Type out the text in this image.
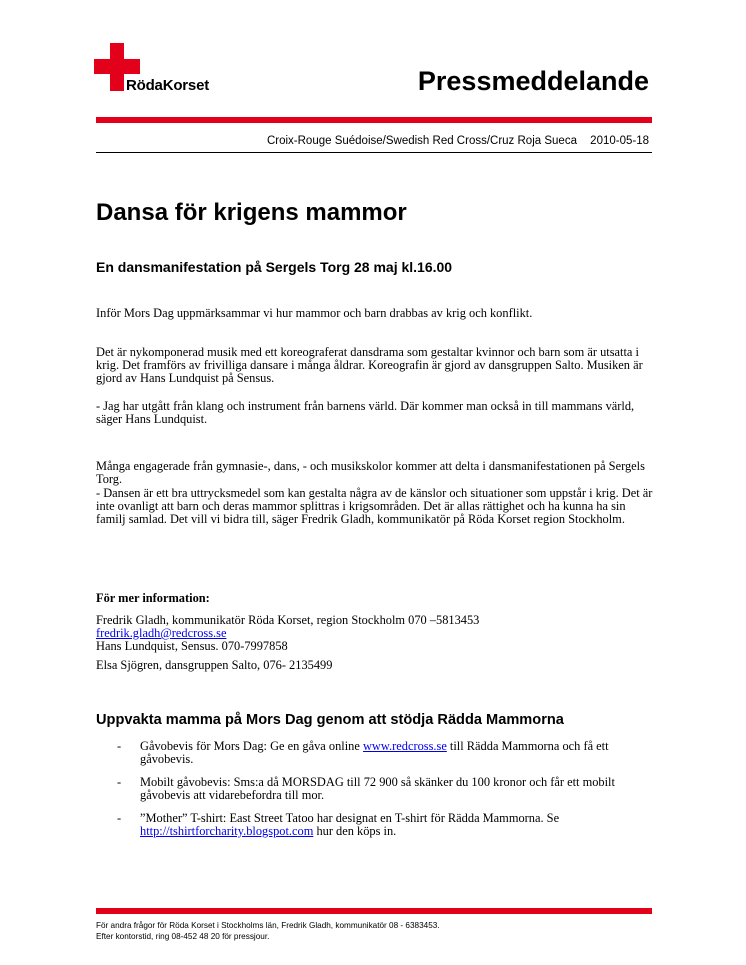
RödaKorset	Pressmeddelande
Croix-Rouge Suédoise/Swedish Red Cross/Cruz Roja Sueca 2010-05-18
Dansa för krigens mammor
En dansmanifestation på Sergels Torg 28 maj kl.16.00
Inför Mors Dag uppmärksammar vi hur mammor och barn drabbas av krig och konflikt.
Det är nykomponerad musik med ett koreograferat dansdrama som gestaltar kvinnor och barn som är utsatta i krig. Det framförs av frivilliga dansare i många åldrar. Koreografin är gjord av dansgruppen Salto. Musiken är gjord av Hans Lundquist på Sensus.
- Jag har utgått från klang och instrument från barnens värld. Där kommer man också in till mammans värld, säger Hans Lundquist.
Många engagerade från gymnasie-, dans, - och musikskolor kommer att delta i dansmanifestationen på Sergels Torg.
- Dansen är ett bra uttrycksmedel som kan gestalta några av de känslor och situationer som uppstår i krig. Det är inte ovanligt att barn och deras mammor splittras i krigsområden. Det är allas rättighet och ha kunna ha sin familj samlad. Det vill vi bidra till, säger Fredrik Gladh, kommunikatör på Röda Korset region Stockholm.
För mer information:
Fredrik Gladh, kommunikatör Röda Korset, region Stockholm 070 –5813453
fredrik.gladh@redcross.se
Hans Lundquist, Sensus. 070-7997858
Elsa Sjögren, dansgruppen Salto, 076- 2135499
Uppvakta mamma på Mors Dag genom att stödja Rädda Mammorna
- Gåvobevis för Mors Dag: Ge en gåva online www.redcross.se till Rädda Mammorna och få ett gåvobevis.
- Mobilt gåvobevis: Sms:a då MORSDAG till 72 900 så skänker du 100 kronor och får ett mobilt gåvobevis att vidarebefordra till mor.
- ”Mother” T-shirt: East Street Tatoo har designat en T-shirt för Rädda Mammorna. Se http://tshirtforcharity.blogspot.com hur den köps in.
För andra frågor för Röda Korset i Stockholms län, Fredrik Gladh, kommunikatör 08 - 6383453.
Efter kontorstid, ring 08-452 48 20 för pressjour.
